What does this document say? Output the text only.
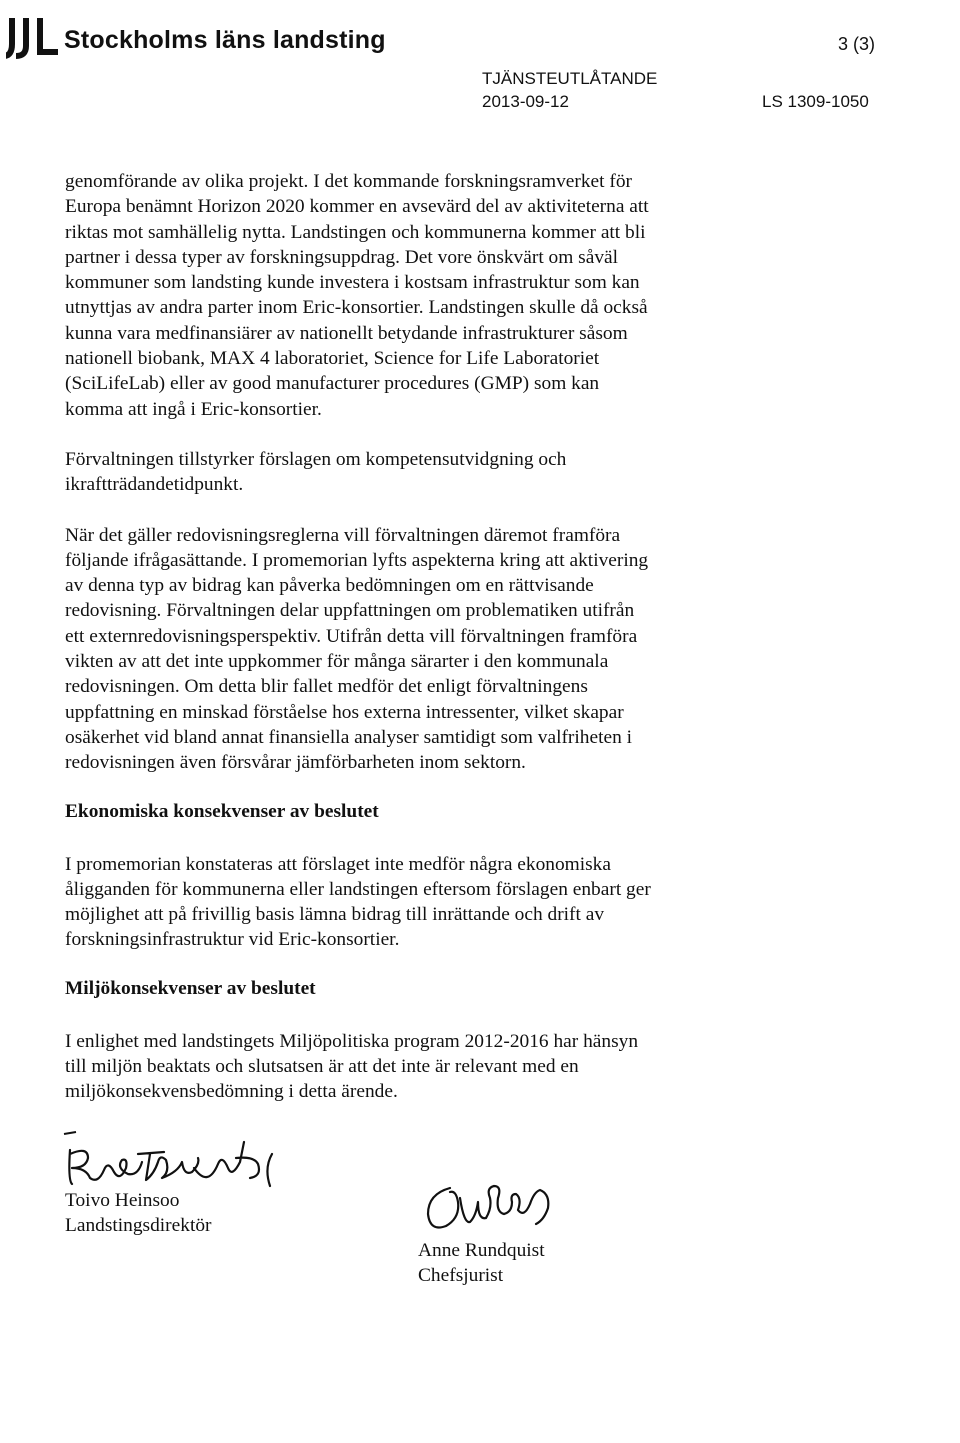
Stockholms läns landsting	3 (3)
TJÄNSTEUTLÅTANDE
2013-09-12	LS 1309-1050

genomförande av olika projekt. I det kommande forskningsramverket för

Europa benämnt Horizon 2020 kommer en avsevärd del av aktiviteterna att

riktas mot samhällelig nytta. Landstingen och kommunerna kommer att bli

partner i dessa typer av forskningsuppdrag. Det vore önskvärt om såväl

kommuner som landsting kunde investera i kostsam infrastruktur som kan

utnyttjas av andra parter inom Eric-konsortier. Landstingen skulle då också

kunna vara medfinansiärer av nationellt betydande infrastrukturer såsom

nationell biobank, MAX 4 laboratoriet, Science for Life Laboratoriet

(SciLifeLab) eller av good manufacturer procedures (GMP) som kan

komma att ingå i Eric-konsortier.

Förvaltningen tillstyrker förslagen om kompetensutvidgning och

ikraftträdandetidpunkt.

När det gäller redovisningsreglerna vill förvaltningen däremot framföra

följande ifrågasättande. I promemorian lyfts aspekterna kring att aktivering

av denna typ av bidrag kan påverka bedömningen om en rättvisande

redovisning. Förvaltningen delar uppfattningen om problematiken utifrån

ett externredovisningsperspektiv. Utifrån detta vill förvaltningen framföra

vikten av att det inte uppkommer för många särarter i den kommunala

redovisningen. Om detta blir fallet medför det enligt förvaltningens

uppfattning en minskad förståelse hos externa intressenter, vilket skapar

osäkerhet vid bland annat finansiella analyser samtidigt som valfriheten i

redovisningen även försvårar jämförbarheten inom sektorn.

Ekonomiska konsekvenser av beslutet

I promemorian konstateras att förslaget inte medför några ekonomiska

åligganden för kommunerna eller landstingen eftersom förslagen enbart ger

möjlighet att på frivillig basis lämna bidrag till inrättande och drift av

forskningsinfrastruktur vid Eric-konsortier.

Miljökonsekvenser av beslutet

I enlighet med landstingets Miljöpolitiska program 2012-2016 har hänsyn

till miljön beaktats och slutsatsen är att det inte är relevant med en

miljökonsekvensbedömning i detta ärende.

Toivo Heinsoo
Landstingsdirektör
Anne Rundquist
Chefsjurist
